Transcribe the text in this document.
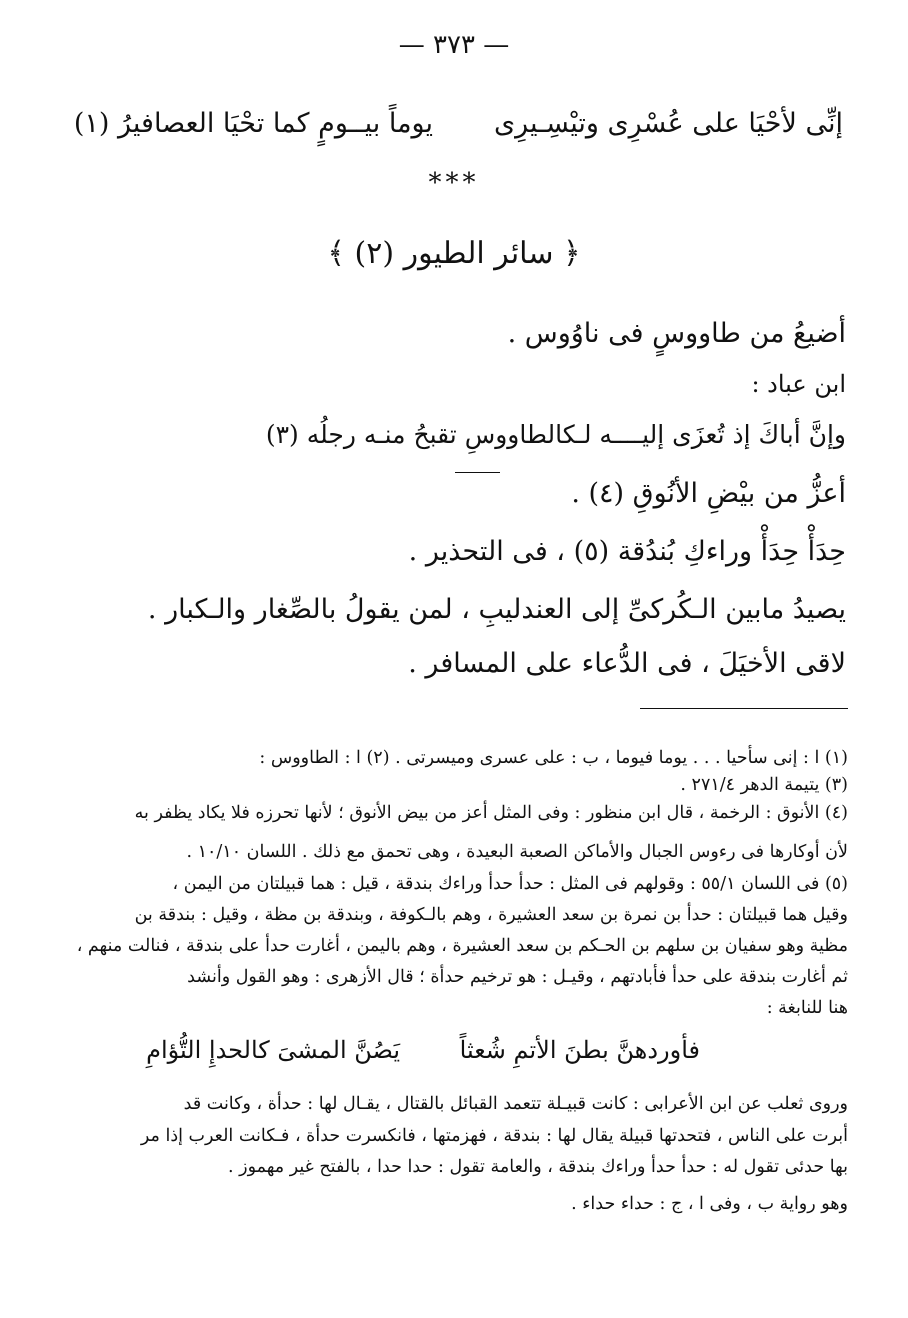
— ٣٧٣ —
إنِّى لأحْيَا على عُسْرِى وتيْسِـيرِى
يوماً بيــومٍ كما تحْيَا العصافيرُ (١)
***
﴿ سائر الطيور (٢) ﴾
أضيعُ من طاووسٍ فى ناوُوس .
ابن عباد :
وإنَّ أباكَ إذ تُعزَى إليــــه لـكالطاووسِ تقبحُ منـه رجلُه (٣)
أعزُّ من بيْضِ الأنُوقِ (٤) .
حِدَأْ حِدَأْ وراءكِ بُندُقة (٥) ، فى التحذير .
يصيدُ مابين الـكُركىِّ إلى العندليبِ ، لمن يقولُ بالصِّغار والـكبار .
لاقى الأخيَلَ ، فى الدُّعاء على المسافر .
(١) ا : إنى سأحيا . . . يوما فيوما ، ب : على عسرى وميسرتى . (٢) ا : الطاووس :
(٣) يتيمة الدهر ٢٧١/٤ .
(٤) الأنوق : الرخمة ، قال ابن منظور : وفى المثل أعز من بيض الأنوق ؛ لأنها تحرزه فلا يكاد يظفر به
لأن أوكارها فى رءوس الجبال والأماكن الصعبة البعيدة ، وهى تحمق مع ذلك . اللسان ١٠/١٠ .
(٥) فى اللسان ٥٥/١ : وقولهم فى المثل : حدأ حدأ وراءك بندقة ، قيل : هما قبيلتان من اليمن ،
وقيل هما قبيلتان : حدأ بن نمرة بن سعد العشيرة ، وهم بالـكوفة ، وبندقة بن مظة ، وقيل : بندقة بن
مظية وهو سفيان بن سلهم بن الحـكم بن سعد العشيرة ، وهم باليمن ، أغارت حدأ على بندقة ، فنالت منهم ،
ثم أغارت بندقة على حدأ فأبادتهم ، وقيـل : هو ترخيم حدأة ؛ قال الأزهرى : وهو القول وأنشد
هنا للنابغة :
فأوردهنَّ بطنَ الأتمِ شُعثاً
يَصُنَّ المشىَ كالحدإِ التُّؤامِ
وروى ثعلب عن ابن الأعرابى : كانت قبيـلة تتعمد القبائل بالقتال ، يقـال لها : حدأة ، وكانت قد
أبرت على الناس ، فتحدتها قبيلة يقال لها : بندقة ، فهزمتها ، فانكسرت حدأة ، فـكانت العرب إذا مر
بها حدئى تقول له : حدأ حدأ وراءك بندقة ، والعامة تقول : حدا حدا ، بالفتح غير مهموز .
وهو رواية ب ، وفى ا ، ج : حداء حداء .
